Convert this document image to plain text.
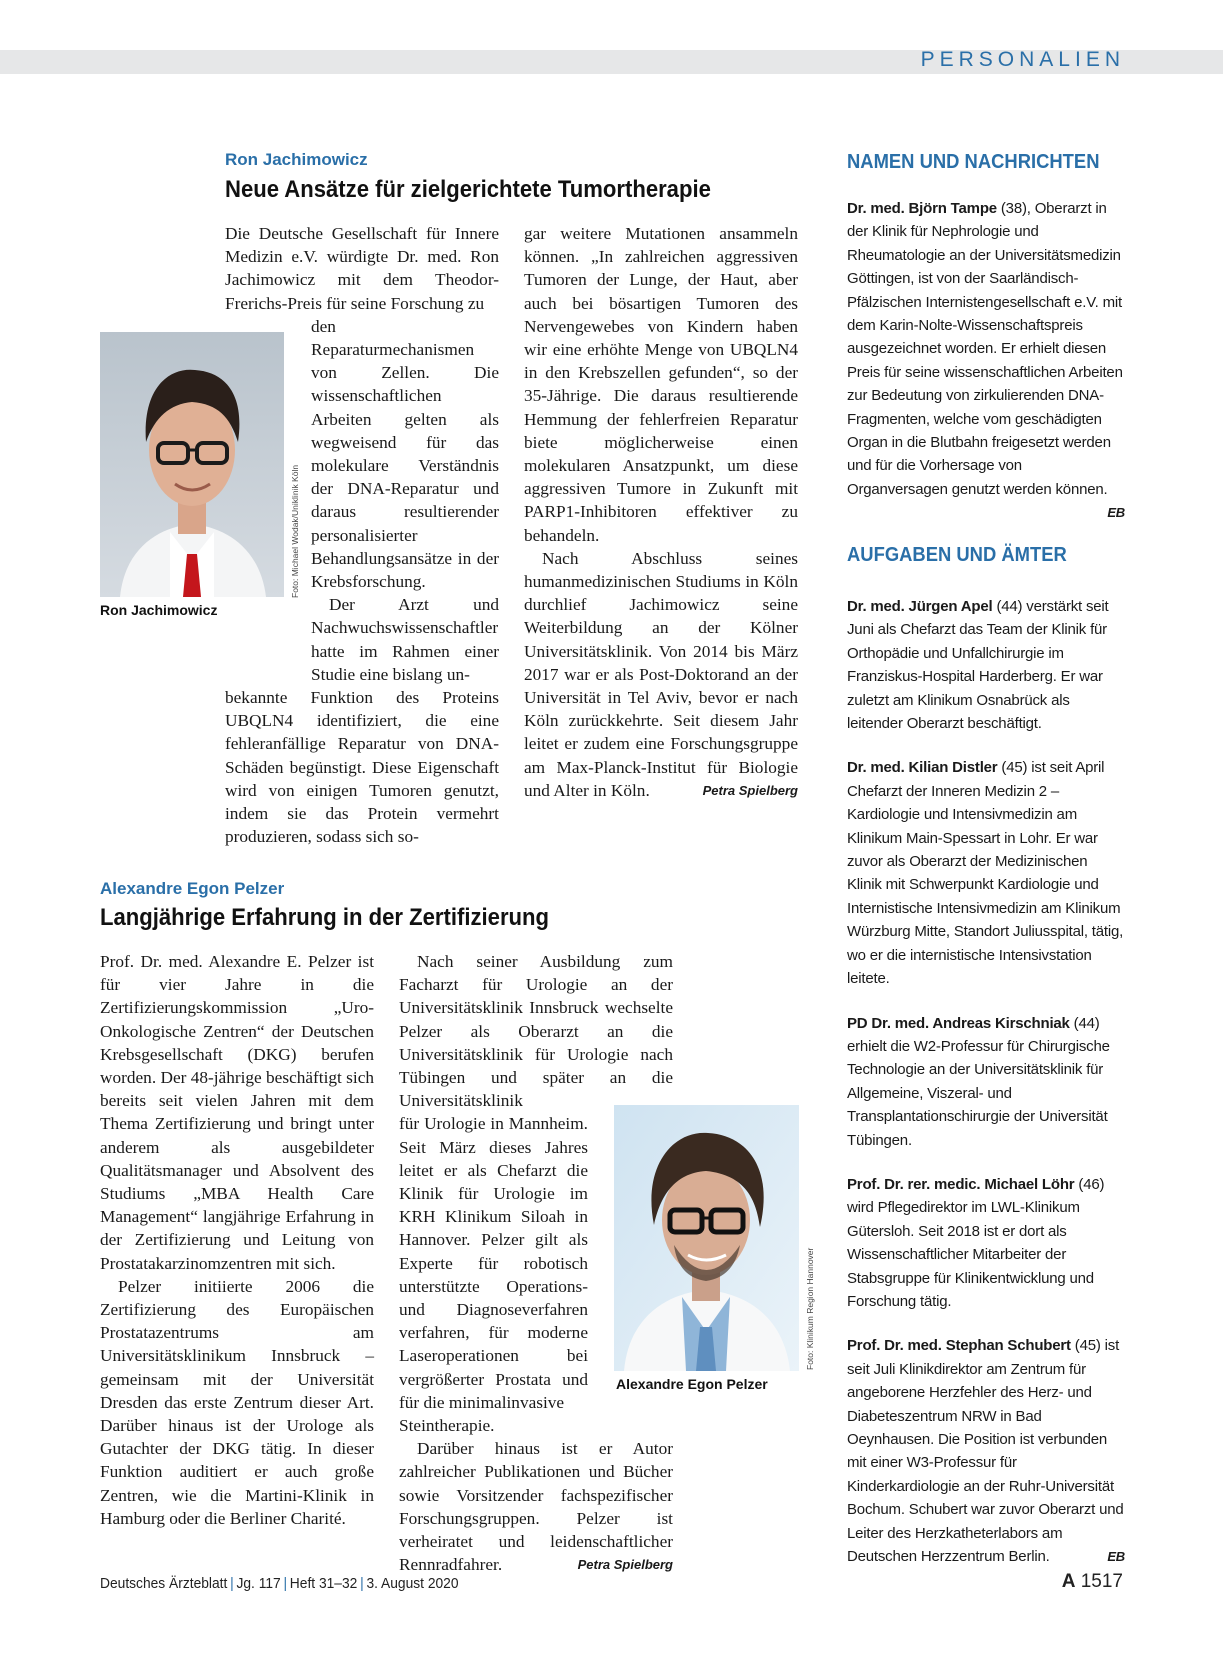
PERSONALIEN
Ron Jachimowicz
Neue Ansätze für zielgerichtete Tumortherapie
Foto: Michael Wodak/Uniklinik Köln
Ron Jachimowicz

Die Deutsche Gesellschaft für Innere Medizin e.V. würdigte Dr. med. Ron Jachimowicz mit dem Theodor-Frerichs-Preis für seine Forschung zu

den Reparaturmechanismen von Zellen. Die wissenschaftlichen Arbeiten gelten als wegweisend für das molekulare Verständnis der DNA-Reparatur und daraus resultierender personalisierter Behandlungsansätze in der Krebsforschung.

Der Arzt und Nachwuchswissenschaftler hatte im Rahmen einer Studie eine bislang un-

bekannte Funktion des Proteins UBQLN4 identifiziert, die eine fehleranfällige Reparatur von DNA-Schäden begünstigt. Diese Eigenschaft wird von einigen Tumoren genutzt, indem sie das Protein vermehrt produzieren, sodass sich so-

gar weitere Mutationen ansammeln können. „In zahlreichen aggressiven Tumoren der Lunge, der Haut, aber auch bei bösartigen Tumoren des Nervengewebes von Kindern haben wir eine erhöhte Menge von UBQLN4 in den Krebszellen gefunden“, so der 35-Jährige. Die daraus resultierende Hemmung der fehlerfreien Reparatur biete möglicherweise einen molekularen Ansatzpunkt, um diese aggressiven Tumore in Zukunft mit PARP1-Inhibitoren effektiver zu behandeln.

Nach Abschluss seines humanmedizinischen Studiums in Köln durchlief Jachimowicz seine Weiterbildung an der Kölner Universitätsklinik. Von 2014 bis März 2017 war er als Post-Doktorand an der Universität in Tel Aviv, bevor er nach Köln zurückkehrte. Seit diesem Jahr leitet er zudem eine Forschungsgruppe am Max-Planck-Institut für Biologie und Alter in Köln.	Petra Spielberg

Alexandre Egon Pelzer
Langjährige Erfahrung in der Zertifizierung
Foto: Klinikum Region Hannover
Alexandre Egon Pelzer

Prof. Dr. med. Alexandre E. Pelzer ist für vier Jahre in die Zertifizierungskommission „Uro-Onkologische Zentren“ der Deutschen Krebsgesellschaft (DKG) berufen worden. Der 48-jährige beschäftigt sich bereits seit vielen Jahren mit dem Thema Zertifizierung und bringt unter anderem als ausgebildeter Qualitätsmanager und Absolvent des Studiums „MBA Health Care Management“ langjährige Erfahrung in der Zertifizierung und Leitung von Prostatakarzinomzentren mit sich.

Pelzer initiierte 2006 die Zertifizierung des Europäischen Prostatazentrums am Universitätsklinikum Innsbruck – gemeinsam mit der Universität Dresden das erste Zentrum dieser Art. Darüber hinaus ist der Urologe als Gutachter der DKG tätig. In dieser Funktion auditiert er auch große Zentren, wie die Martini-Klinik in Hamburg oder die Berliner Charité.

Nach seiner Ausbildung zum Facharzt für Urologie an der Universitätsklinik Innsbruck wechselte Pelzer als Oberarzt an die Universitätsklinik für Urologie nach Tübingen und später an die Universitätsklinik

für Urologie in Mannheim. Seit März dieses Jahres leitet er als Chefarzt die Klinik für Urologie im KRH Klinikum Siloah in Hannover. Pelzer gilt als Experte für robotisch unterstützte Operations- und Diagnoseverfahren verfahren, für moderne Laseroperationen bei vergrößerter Prostata und für die minimalinvasive

Steintherapie.

Darüber hinaus ist er Autor zahlreicher Publikationen und Bücher sowie Vorsitzender fachspezifischer Forschungsgruppen. Pelzer ist verheiratet und leidenschaftlicher Rennradfahrer.	Petra Spielberg

NAMEN UND NACHRICHTEN

Dr. med. Björn Tampe (38), Oberarzt in der Klinik für Nephrologie und Rheumatologie an der Universitätsmedizin Göttingen, ist von der Saarländisch-Pfälzischen Internistengesellschaft e.V. mit dem Karin-Nolte-Wissenschaftspreis ausgezeichnet worden. Er erhielt diesen Preis für seine wissenschaftlichen Arbeiten zur Bedeutung von zirkulierenden DNA-Fragmenten, welche vom geschädigten Organ in die Blutbahn freigesetzt werden und für die Vorhersage von Organversagen genutzt werden können.
EB

AUFGABEN UND ÄMTER

Dr. med. Jürgen Apel (44) verstärkt seit Juni als Chefarzt das Team der Klinik für Orthopädie und Unfallchirurgie im Franziskus-Hospital Harderberg. Er war zuletzt am Klinikum Osnabrück als leitender Oberarzt beschäftigt.

Dr. med. Kilian Distler (45) ist seit April Chefarzt der Inneren Medizin 2 – Kardiologie und Intensivmedizin am Klinikum Main-Spessart in Lohr. Er war zuvor als Oberarzt der Medizinischen Klinik mit Schwerpunkt Kardiologie und Internistische Intensivmedizin am Klinikum Würzburg Mitte, Standort Juliusspital, tätig, wo er die internistische Intensivstation leitete.

PD Dr. med. Andreas Kirschniak (44) erhielt die W2-Professur für Chirurgische Technologie an der Universitätsklinik für Allgemeine, Viszeral- und Transplantationschirurgie der Universität Tübingen.

Prof. Dr. rer. medic. Michael Löhr (46) wird Pflegedirektor im LWL-Klinikum Gütersloh. Seit 2018 ist er dort als Wissenschaftlicher Mitarbeiter der Stabsgruppe für Klinikentwicklung und Forschung tätig.

Prof. Dr. med. Stephan Schubert (45) ist seit Juli Klinikdirektor am Zentrum für angeborene Herzfehler des Herz- und Diabeteszentrum NRW in Bad Oeynhausen. Die Position ist verbunden mit einer W3-Professur für Kinderkardiologie an der Ruhr-Universität Bochum. Schubert war zuvor Oberarzt und Leiter des Herzkatheterlabors am Deutschen Herzzentrum Berlin.	EB

Deutsches Ärzteblatt | Jg. 117 | Heft 31–32 | 3. August 2020	A 1517
